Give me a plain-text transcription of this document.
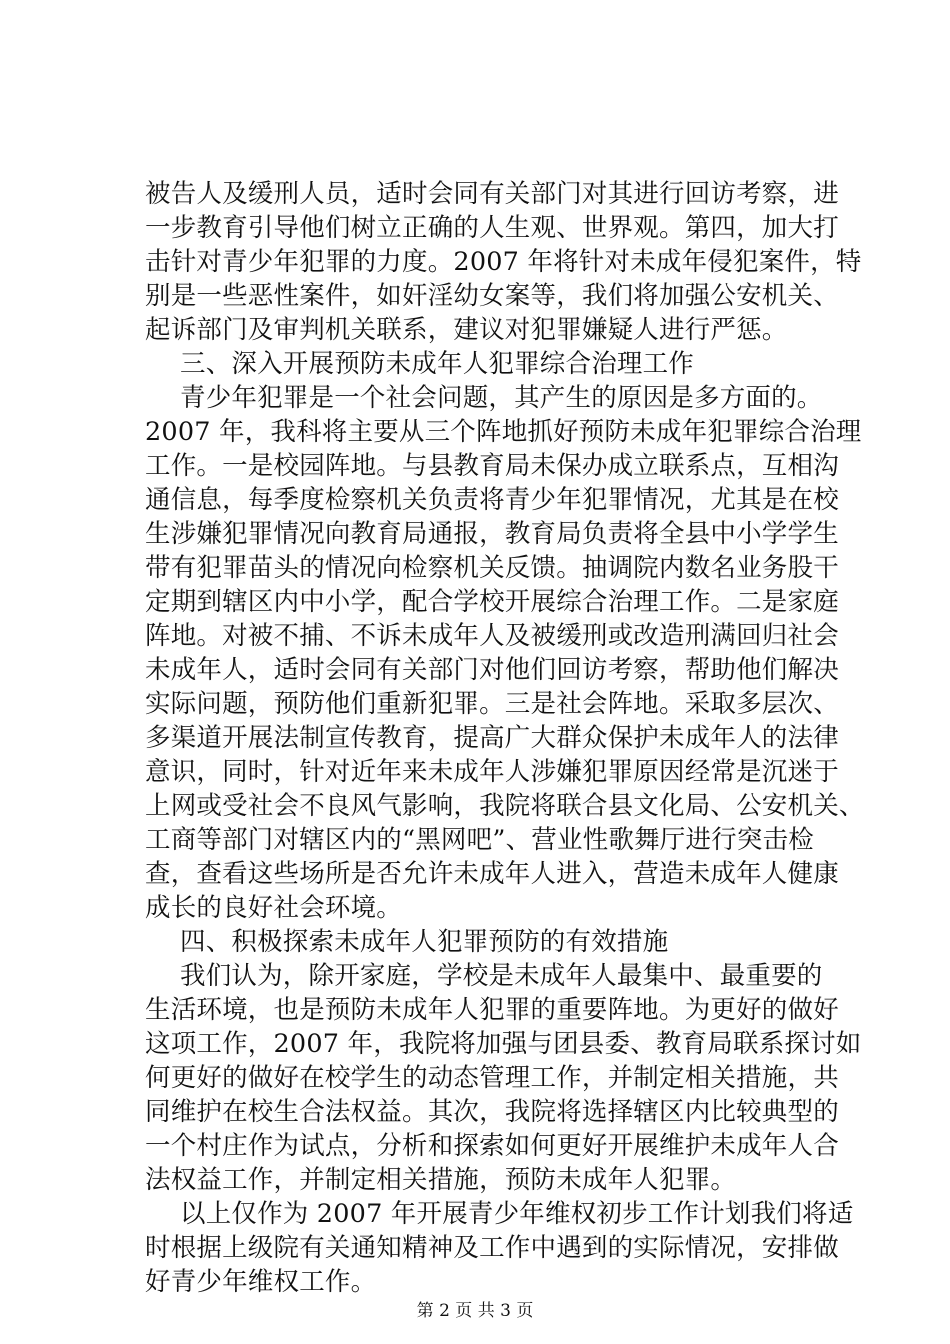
被告人及缓刑人员，适时会同有关部门对其进行回访考察，进
一步教育引导他们树立正确的人生观、世界观。第四，加大打
击针对青少年犯罪的力度。2007 年将针对未成年侵犯案件，特
别是一些恶性案件，如奸淫幼女案等，我们将加强公安机关、
起诉部门及审判机关联系，建议对犯罪嫌疑人进行严惩。
三、深入开展预防未成年人犯罪综合治理工作
青少年犯罪是一个社会问题，其产生的原因是多方面的。
2007 年，我科将主要从三个阵地抓好预防未成年犯罪综合治理
工作。一是校园阵地。与县教育局未保办成立联系点，互相沟
通信息，每季度检察机关负责将青少年犯罪情况，尤其是在校
生涉嫌犯罪情况向教育局通报，教育局负责将全县中小学学生
带有犯罪苗头的情况向检察机关反馈。抽调院内数名业务股干
定期到辖区内中小学，配合学校开展综合治理工作。二是家庭
阵地。对被不捕、不诉未成年人及被缓刑或改造刑满回归社会
未成年人，适时会同有关部门对他们回访考察，帮助他们解决
实际问题，预防他们重新犯罪。三是社会阵地。采取多层次、
多渠道开展法制宣传教育，提高广大群众保护未成年人的法律
意识，同时，针对近年来未成年人涉嫌犯罪原因经常是沉迷于
上网或受社会不良风气影响，我院将联合县文化局、公安机关、
工商等部门对辖区内的“黑网吧”、营业性歌舞厅进行突击检
查，查看这些场所是否允许未成年人进入，营造未成年人健康
成长的良好社会环境。
四、积极探索未成年人犯罪预防的有效措施
我们认为，除开家庭，学校是未成年人最集中、最重要的
生活环境，也是预防未成年人犯罪的重要阵地。为更好的做好
这项工作，2007 年，我院将加强与团县委、教育局联系探讨如
何更好的做好在校学生的动态管理工作，并制定相关措施，共
同维护在校生合法权益。其次，我院将选择辖区内比较典型的
一个村庄作为试点，分析和探索如何更好开展维护未成年人合
法权益工作，并制定相关措施，预防未成年人犯罪。
以上仅作为 2007 年开展青少年维权初步工作计划我们将适
时根据上级院有关通知精神及工作中遇到的实际情况，安排做
好青少年维权工作。
第 2 页 共 3 页
